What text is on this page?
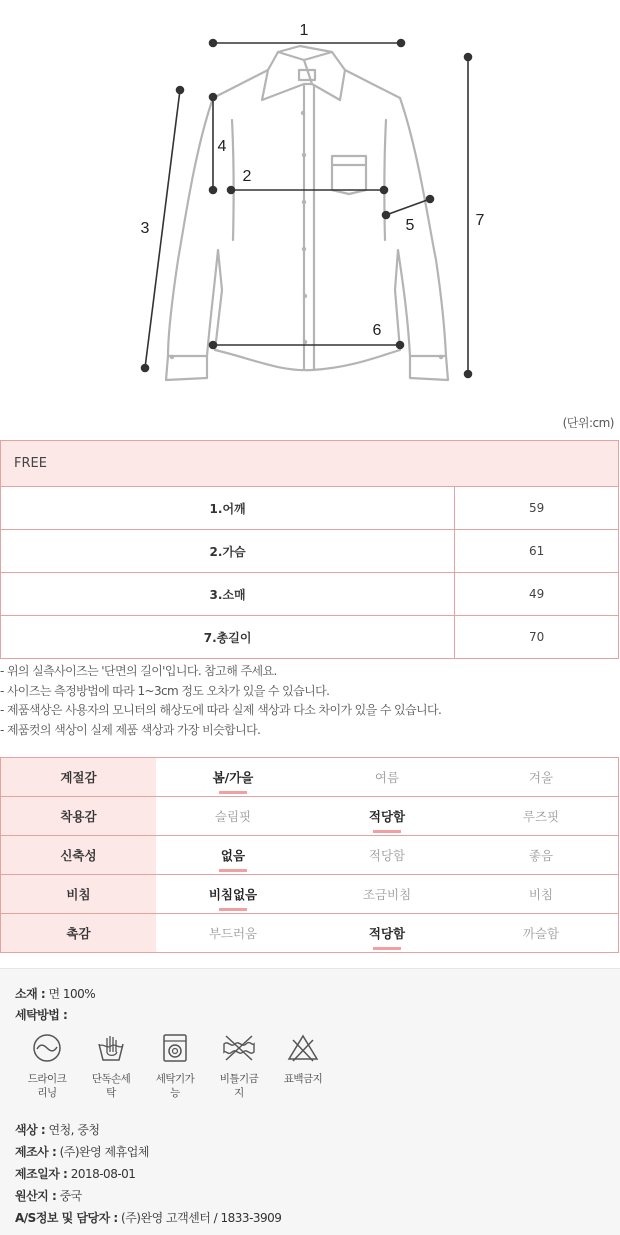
1
2
3
4
5
6
7
(단위:cm)
FREE	
1.어깨	59
2.가슴	61
3.소매	49
7.총길이	70
- 위의 실측사이즈는 '단면의 길이'입니다. 참고해 주세요.
- 사이즈는 측정방법에 따라 1~3cm 정도 오차가 있을 수 있습니다.
- 제품색상은 사용자의 모니터의 해상도에 따라 실제 색상과 다소 차이가 있을 수 있습니다.
- 제품컷의 색상이 실제 제품 색상과 가장 비슷합니다.
계절감	봄/가을	여름	겨울
착용감	슬림핏	적당함	루즈핏
신축성	없음	적당함	좋음
비침	비침없음	조금비침	비침
촉감	부드러움	적당함	까슬함
소재 : 면 100%
세탁방법 :
드라이크
리닝
단독손세
탁
세탁기가
능
비틀기금
지
표백금지
색상 : 연청, 중청
제조사 : (주)완영 제휴업체
제조일자 : 2018-08-01
원산지 : 중국
A/S정보 및 담당자 : (주)완영 고객센터 / 1833-3909
